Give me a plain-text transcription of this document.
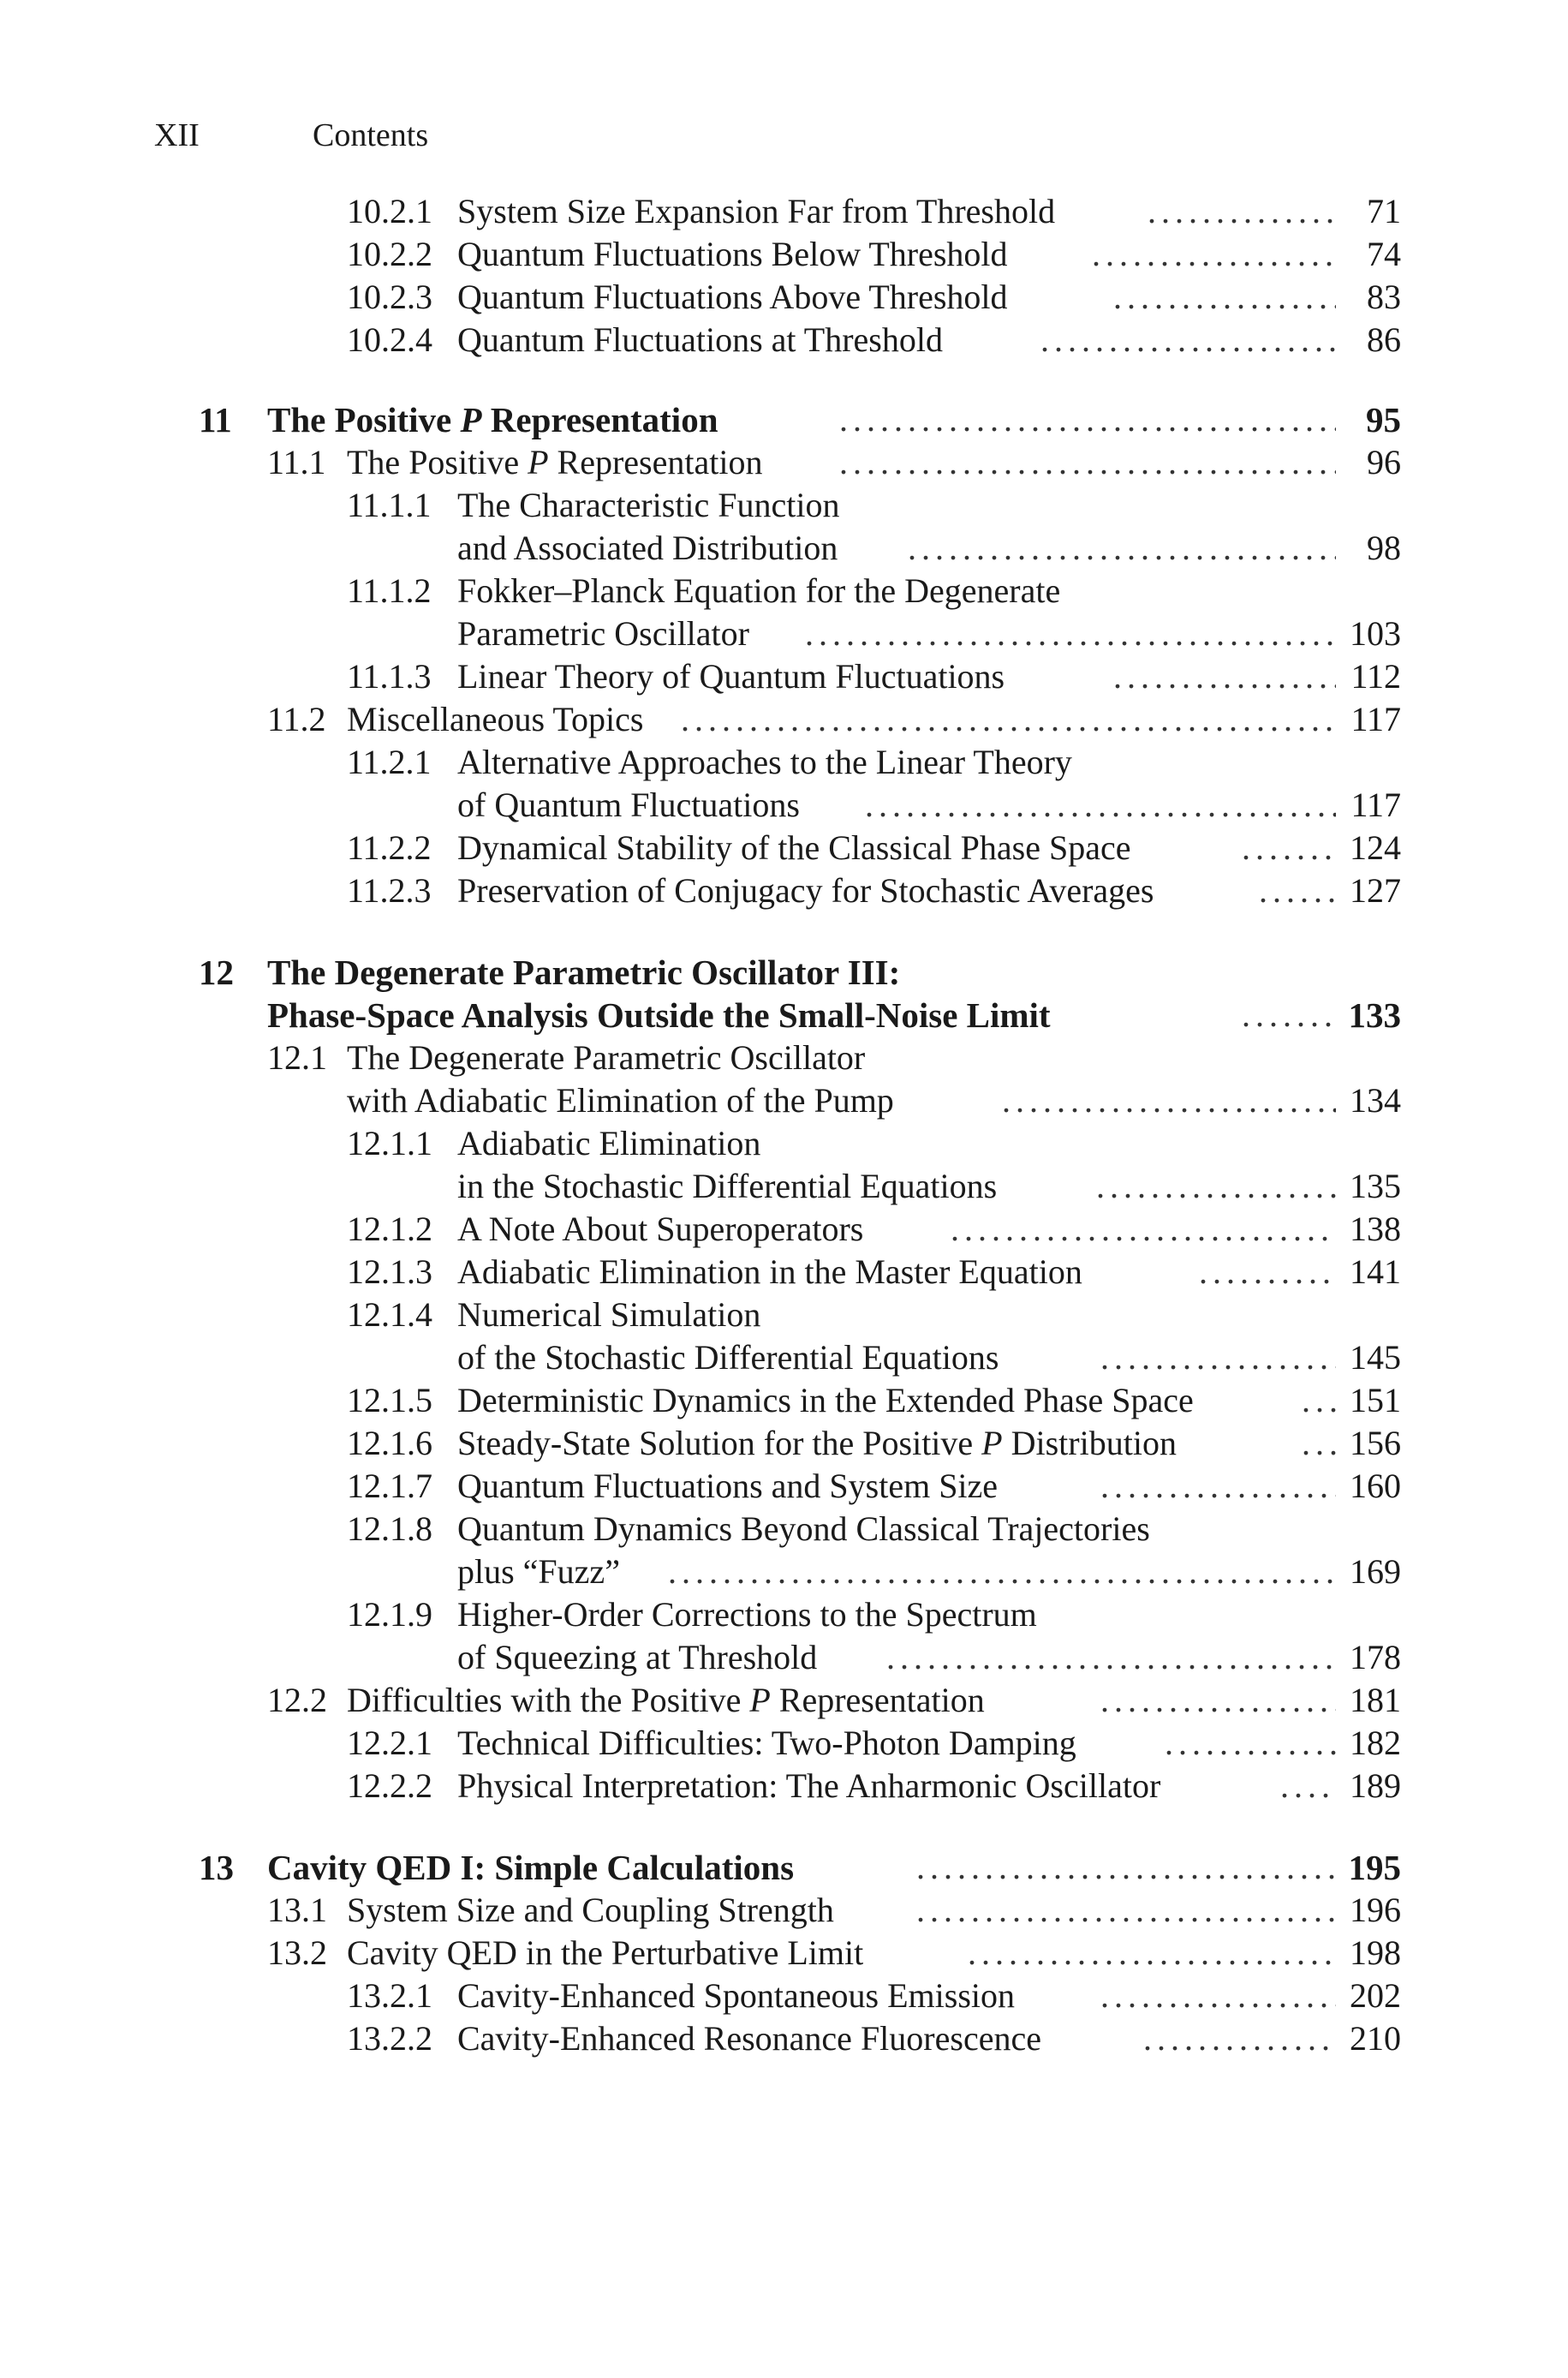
XII	Contents
10.2.1 System Size Expansion Far from Threshold .....	71
10.2.2 Quantum Fluctuations Below Threshold .....	74
10.2.3 Quantum Fluctuations Above Threshold .....	83
10.2.4 Quantum Fluctuations at Threshold .....	86
11 The Positive P Representation .....	95
11.1 The Positive P Representation .....	96
11.1.1 The Characteristic Function
and Associated Distribution .....	98
11.1.2 Fokker–Planck Equation for the Degenerate
Parametric Oscillator .....	103
11.1.3 Linear Theory of Quantum Fluctuations .....	112
11.2 Miscellaneous Topics .....	117
11.2.1 Alternative Approaches to the Linear Theory
of Quantum Fluctuations .....	117
11.2.2 Dynamical Stability of the Classical Phase Space .....	124
11.2.3 Preservation of Conjugacy for Stochastic Averages .....	127
12 The Degenerate Parametric Oscillator III:
Phase-Space Analysis Outside the Small-Noise Limit .....	133
12.1 The Degenerate Parametric Oscillator
with Adiabatic Elimination of the Pump .....	134
12.1.1 Adiabatic Elimination
in the Stochastic Differential Equations .....	135
12.1.2 A Note About Superoperators .....	138
12.1.3 Adiabatic Elimination in the Master Equation .....	141
12.1.4 Numerical Simulation
of the Stochastic Differential Equations .....	145
12.1.5 Deterministic Dynamics in the Extended Phase Space .....	151
12.1.6 Steady-State Solution for the Positive P Distribution .....	156
12.1.7 Quantum Fluctuations and System Size .....	160
12.1.8 Quantum Dynamics Beyond Classical Trajectories
plus “Fuzz” .....	169
12.1.9 Higher-Order Corrections to the Spectrum
of Squeezing at Threshold .....	178
12.2 Difficulties with the Positive P Representation .....	181
12.2.1 Technical Difficulties: Two-Photon Damping .....	182
12.2.2 Physical Interpretation: The Anharmonic Oscillator .....	189
13 Cavity QED I: Simple Calculations .....	195
13.1 System Size and Coupling Strength .....	196
13.2 Cavity QED in the Perturbative Limit .....	198
13.2.1 Cavity-Enhanced Spontaneous Emission .....	202
13.2.2 Cavity-Enhanced Resonance Fluorescence .....	210
